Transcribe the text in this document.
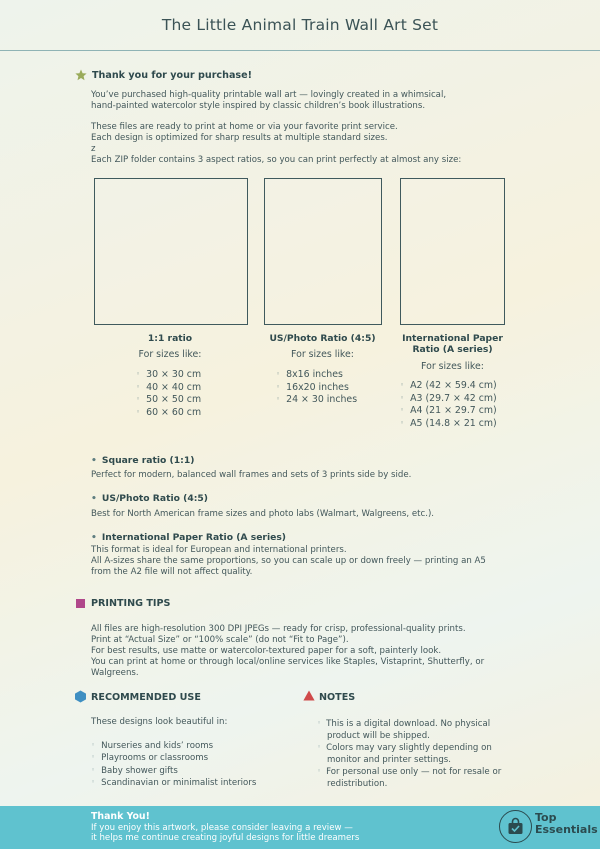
The Little Animal Train Wall Art Set
Thank you for your purchase!
You’ve purchased high-quality printable wall art — lovingly created in a whimsical,
hand-painted watercolor style inspired by classic children’s book illustrations.
These files are ready to print at home or via your favorite print service.
Each design is optimized for sharp results at multiple standard sizes.
z
Each ZIP folder contains 3 aspect ratios, so you can print perfectly at almost any size:
1:1 ratio
For sizes like:
◦ 30 × 30 cm
◦ 40 × 40 cm
◦ 50 × 50 cm
◦ 60 × 60 cm
US/Photo Ratio (4:5)
For sizes like:
◦ 8x16 inches
◦ 16x20 inches
◦ 24 × 30 inches
International Paper
Ratio (A series)
For sizes like:
◦ A2 (42 × 59.4 cm)
◦ A3 (29.7 × 42 cm)
◦ A4 (21 × 29.7 cm)
◦ A5 (14.8 × 21 cm)
• Square ratio (1:1)
Perfect for modern, balanced wall frames and sets of 3 prints side by side.
• US/Photo Ratio (4:5)
Best for North American frame sizes and photo labs (Walmart, Walgreens, etc.).
• International Paper Ratio (A series)
This format is ideal for European and international printers.
All A-sizes share the same proportions, so you can scale up or down freely — printing an A5
from the A2 file will not affect quality.
PRINTING TIPS
All files are high-resolution 300 DPI JPEGs — ready for crisp, professional-quality prints.
Print at “Actual Size” or “100% scale” (do not “Fit to Page”).
For best results, use matte or watercolor-textured paper for a soft, painterly look.
You can print at home or through local/online services like Staples, Vistaprint, Shutterfly, or
Walgreens.
RECOMMENDED USE
These designs look beautiful in:
◦ Nurseries and kids’ rooms
◦ Playrooms or classrooms
◦ Baby shower gifts
◦ Scandinavian or minimalist interiors
NOTES
◦ This is a digital download. No physical product will be shipped.
◦ Colors may vary slightly depending on monitor and printer settings.
◦ For personal use only — not for resale or redistribution.
Thank You!
If you enjoy this artwork, please consider leaving a review —
it helps me continue creating joyful designs for little dreamers
Top
Essentials
